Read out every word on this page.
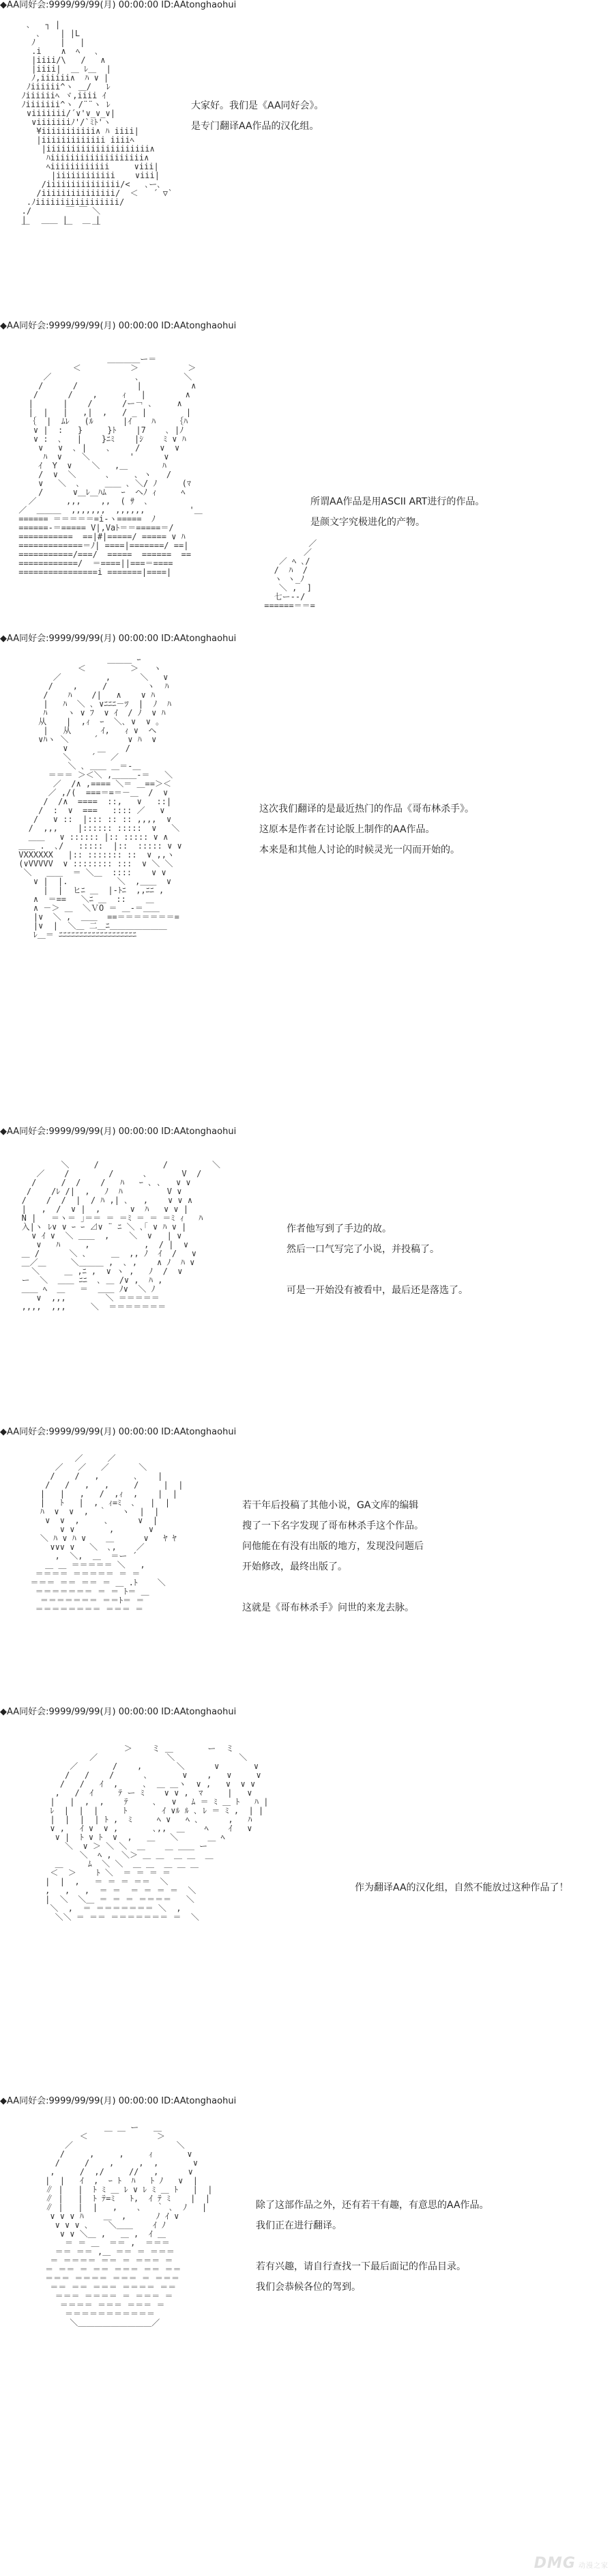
◆AA同好会:9999/99/99(月) 00:00:00 ID:AAtonghaohui
､   ┐ |
､    | |L
ﾉ     |   |
.i    ∧  ﾍ   ､
|iiii/\   /   ∧
|iiii|  ＿ ﾚ＿  |
ﾉ,iiiiii∧  ﾊ ∨ |
ﾉiiiiii^ヽ ＿/   ﾚ
ﾉiiiiiiﾍ ヾ,iiii ｲ
ﾉiiiiiii^ヽ /¨¨ヽ ﾚ
∨iiiiiii/´∨'∨_∨_∨|
∨iiiiiiiﾉ'/`ﾐﾄ'ヽ
¥iiiiiiiiiii∧ ﾊ iiii|
|iiiiiiiiiiiii iiiiﾍ
|iiiiiiiiiiiiiiiiiiiii∧
ﾊiiiiiiiiiiiiiiiiiii∧
ﾍiiiiiiiiiiii     ∨iii|
|iiiiiiiiiiii    ∨iii|
/iiiiiiiiiiiiiii/<   ､ー､
/iiiiiiiiiiiiiii/  ＜   ´ ▽`
.ﾉiiiiiiiiiiiiiiiii/
./       ￣ ￣ ＼
|   ＿＿ |   ＿ |
￣       ￣    ￣
大家好。我们是《AA同好会》。
是专门翻译AA作品的汉化组。
◆AA同好会:9999/99/99(月) 00:00:00 ID:AAtonghaohui
＿＿＿＿ー＝
＜          ＞          ＞
／                 ､         ＼
/      /            |          ∧
/      /    ,     ｨ   |        ∧
|      |    /      /ー￢ ､     ∧
|  |   |   ,|  ,   / _ |        |
｛  |  ﾑﾚ   (ﾙ      |ｲ    ﾊ    ｛ﾊ
∨ |  :   }     }ﾄ    |7    ､ |ﾉ
∨ :  ､   |    }ﾆﾐ    |ｼ    ﾐ ∨ ﾊ
∨   ∨  ､ |    ､     /    ∨  ∨
ﾊ  ∨    ＼        '      ∨
ｲ  Y  ∨    ＼   ,＿       ﾊ
/  ∨  ＼      ､     ､ ヽ   /
∨   ＼  ､     ＿＿ ､ ＼/ ﾉ     (ﾏ
/      ∨＿ﾚ＿ﾊﾑ   ｰ  ヘﾉ ｨ     ﾍ
／      ,,,    ,,  ( ｻ  ､
／  ＿＿＿  ,,,,,,,  ,,,,,,         '＿
====== ＝＝＝＝＝=i-ヽ=====  ﾉ
======-＝===== V|,Vaﾄ＝＝=====＝/
===========  ==|#|=====/ ===== ∨ ﾊ
=============＝ﾉ| ====|=======/ ==|
===========/===/  =====  ======  ==
============/  ＝====||===＝====
================i =======|====|
／
／
／ ﾍ ､/
/  ﾊ  /
ヽ ヽ_ﾉ
＼ ,  ]
七ー--/
======＝＝=
所谓AA作品是用ASCII ART进行的作品。
是颜文字究极进化的产物。
◆AA同好会:9999/99/99(月) 00:00:00 ID:AAtonghaohui
＿＿＿ ｰ
＜         ＞   ヽ
／         ,      ＼   ∨
/    ,     /        ヽ  ﾊ
/    ﾊ    /|   ∧    ∨ ﾊ
|   ﾊ  ＼ ､ ∨ﾆﾆﾆ－ﾂ  |  ﾉ  ﾊ
ﾊ    ヽ ∨ ﾌ  ∨ ｲ  / ﾉ  ∨ ﾊ
从    |  ,ｨ  ｰ  ＼､ ∨  ∨ ｡
|   从      ｲ,   ｨ ∨  ヘ
∨ﾊヽ ＼     ´      ∨ ﾊ  ∨
∨      ＿    /
＼    ´   ／
＼ ､ ＿＿ ＿＝-＿
＝＝＝ ＞＜＼ ,＿＿＿-＝   ＼
／  /∧ ,==== ＼＝ ＿==＞＜
／ ,/(  ===＝=＝－＿  /  ∨
/  /∧  ====  ::,   ∨   ::|
/  :  ∨  ===   :::: ／   ∨
/   ∨ ::  |::: :: :: ,,,,  ∨
/  ,,,    |:::::: :::::  ∨   ＼
＿＿   ∨ :::::: |:: ::::: ∨ ∧
＿＿ .  ､/   :::::  |::  ::::: ∨ ∨
VXXXXXX   |:: ::::::: ::  ∨ ,,ヽ
(∨VVVVV  ∨ :::::::: :::  ∨ ＼ ＼
＼   ＿＿  ＝ ＼＿  ::::    ∨ ∨
∨ |  |.          ＼  ,＿＿  ∨
|  |  ヒﾆ ＿  |-ﾄﾆ  ,,ﾆﾆ ,
∧  ＝==   ＼ﾆ ＿  ::    ＿
∧ －＞ ＿  ＼ＶO ＝ ＿-＝＿＿
|∨  ＼ ,  ＿＿  ==＝＝＝＝＝＝＝=
|∨  |  ＼＿ 二＿ﾆ＿＿＿＿＿＿＿
ﾚ＿＝ ﾆﾆﾆﾆﾆﾆﾆﾆﾆﾆﾆﾆﾆﾆﾆﾆﾆﾆﾆ
这次我们翻译的是最近热门的作品《哥布林杀手》。
这原本是作者在讨论版上制作的AA作品。
本来是和其他人讨论的时候灵光一闪而开始的。
◆AA同好会:9999/99/99(月) 00:00:00 ID:AAtonghaohui
＼     /             /         ＼
／    /        /      ､       V  /
/     /  /    /   ﾊ   ｰ ､ ､   ∨ ∨
/    /ﾚ /|  ,   ﾉ  ﾊ         V ∨
/    /  /  |  / ﾊ ,| ､   ,    ∨ ∨ ∧
|   ,  /  ∨ |  ,      ∨  ﾊ   ∨ ∨ |
N |   ＝ヽ＝ ｣＝＝ ＝ ＝ﾐ ＝ ＝ ＝ﾐ ｨ   ﾊ
入|ヽ ﾚ∨ ∨ ｰ ｰ ⊿∨ ¨ ﾆ ＼ ､｢ ∨ ﾊ ∨ |
∨ ｲ ∨  ＼ ＿＿  ,    ＼  ∨   | ∨
∨   ﾊ     ,           ,  / |  ∨
＿ /      ＼ ､     ＿  ,, ﾉ  ｲ  /   ∨
＿／＿     ＼＿＿＿ ,  ､ ,    ∧ ﾉ  ﾊ ∨
＼     ＿ ,ﾆ ,  ∨ ヽ ,   ﾉ  /  ∨
ー  ＼  ＿＿ ﾆﾆ  ､ ＿ /∨ ,  ﾊ ,
＿＿ ﾍ  ＿   ＝  ＿＿ ﾉ∨  ＼ ﾉ
∨  ,,,        ＼ ＝＝＝＝＝
,,,,  ,,,     ＼  ＝＝＝＝＝＝＝
作者他写到了手边的故。
然后一口气写完了小说，并投稿了。

可是一开始没有被看中，最后还是落选了。
◆AA同好会:9999/99/99(月) 00:00:00 ID:AAtonghaohui
／     ／
／   ／   ／      ＼
/    /   ,       ､    |
/   /   ,   ,     /     |  |
|   |   ,   /  ,ｨ  ,    |  |
|   ﾄ   |  ,  ｨ=ﾐ  ､   |  |
ﾊ  ∨  ∨  ,  ｀   ヽ  |  |
∨  ∨  ,     ､      ∨  |
∨ ∨       ,       ∨
＼ ﾊ ∨ ﾊ ∨    ＿      ∨   ﾔ ﾔ
∨∨∨ ∨   ＼  ､,    ／
,  ＼,  ＿  ＝ー ´
＿ ＿ ＝＝＝＝＝ ＼   ,
＝＝＝＝ ＝＝＝＝＝ ＝ ＝
＝＝＝ ＝＝ ＝＝ ＝ ＿ .ﾄ    ＼
＝＝＝＝＝＝＝ ＝ ＝ ﾄ＝ ＿
＝＝＝＝＝＝＝ ＝＝ﾄ＝ ＝
＝＝＝＝＝＝＝＝ ＝＝＝ ＝
若干年后投稿了其他小说，GA文库的编辑
搜了一下名字发现了哥布林杀手这个作品。
问他能在有没有出版的地方，发现没问题后
开始修改，最终出版了。

这就是《哥布林杀手》问世的来龙去脉。
◆AA同好会:9999/99/99(月) 00:00:00 ID:AAtonghaohui
＞    ミ ＿       ー  ミ
／              ＼             ＼
／       /    ,       ＼      ∨       ∨
/   /    /      ､       ∨    ,   ∨     ∨
/   /   ｲ  ,     ､  ＿ ＿ヽ  ∨ ,   ∨  ∨ ∨
,   /  ｲ     ﾃ ー ﾐ    ∨ ∨ ,  ﾏ     |   ∨
|   |  ,  ,    ﾃ     ､   ∨   ﾑ ＝ ﾐ ＿ ﾄ   ﾊ |
ﾚ  |  |  |     ﾄ       ｲ ∨ﾙ ﾙ ､ ﾚ ＝ ﾐ ,  | |
|  |  |  | ﾄ ,  ﾐ     ﾍ ∨   ﾍ ､      ,   ﾊ
∨ ,   ｲ ∨  ∨ ,       ､,,  ＿    ﾍ    ｲ   ∨
∨ |  ﾄ ∨ ﾄ  ∨  ,   ＿   ＼      ＿ ﾍ
＼  ∨ ＞ ＼ ＼  ＿    ＿ ＿＿ ー
＼  ﾍ ,  ＼＞ ＿ ＿  ＿ ＿  ＿
＿     ﾑ  ＼ ＼  ＿ ＿  ＿ ＿ ＿
＜  ＞    ﾄ ＼  ＝ ＝ ＝ ＝
|  |  ,   ＝ ＝ ＝ ＝＝  ＼
,   ,   ,  ＝ ＝  ＝ ＝ ＝ ＝  ＼
|  ＼  ＼＿ ＝ ＝ ＝ ＝＝＝＝   ＼
＼  ,  ＝ ＝＝＝＝＝＝＝ ＼  ,
＼＼ ＝ ＝＝ ＝＝＝＝＝＝＝ ＝  ＼
作为翻译AA的汉化组，自然不能放过这种作品了！
◆AA同好会:9999/99/99(月) 00:00:00 ID:AAtonghaohui
＿ ＿ ー   ＿
＜              ＞
／                     ＼
/     ,     ,     ｨ       ∨
/     /    ,     ,  ,       ∨
,     /  ,/     //   ,      ∨
|  |   ｲ  ,  ｰ ﾄ  ﾊ   ﾄ ﾉ   ∨  |
∥ |   |  ﾄ ﾐ ＿ ﾚ ∨ ﾚ ﾐ ＿ ﾄ   |  |
∥ |   |  ﾄ ﾃ=ﾐ   ﾄ,  ｲ ﾃ ﾐ    |  |
∥ |   |  |   ,    ､   ｀ ､  ﾉ   |
∨ ∨ ∨ ﾊ    ＿  ,      ﾉ ｲ ∨
∨ ∨ ∨ ､    ＼＿＿    ｲ ﾉ
∨ ∨ ＼＿ ,   ＿ ,  ｲ ＿
＝ ＝ ＿  ＝＝ ,  ＝＝＝
＝＝ ＝＝ ,＿ ＝＝ ＝ ＝＝＝
＝ ＝＝＝＝ ＝＝ ＝ ＝＝＝ ＝
＝ ＝＝ ＝ ＝＝ ＝＝＝ ＝＝ ＝＝
＝＝＝ ＝＝＝＝ ＝＝＝ ＝ ＝＝＝
＝＝ ＝＝ ＝＝＝ ＝＝＝＝ ＝＝
＝＝＝ ＝＝＝＝ ＝ ＝＝＝ ＝
＝＝＝＝ ＝＝＝ ＝＝＝ ＝
＝＝＝＝＝＝＝＝＝＝＝
＼＿＿＿＿＿＿＿＿＿／
除了这部作品之外，还有若干有趣，有意思的AA作品。
我们正在进行翻译。

若有兴趣，请自行查找一下最后面记的作品目录。
我们会恭候各位的驾到。
DMG 动漫之家
